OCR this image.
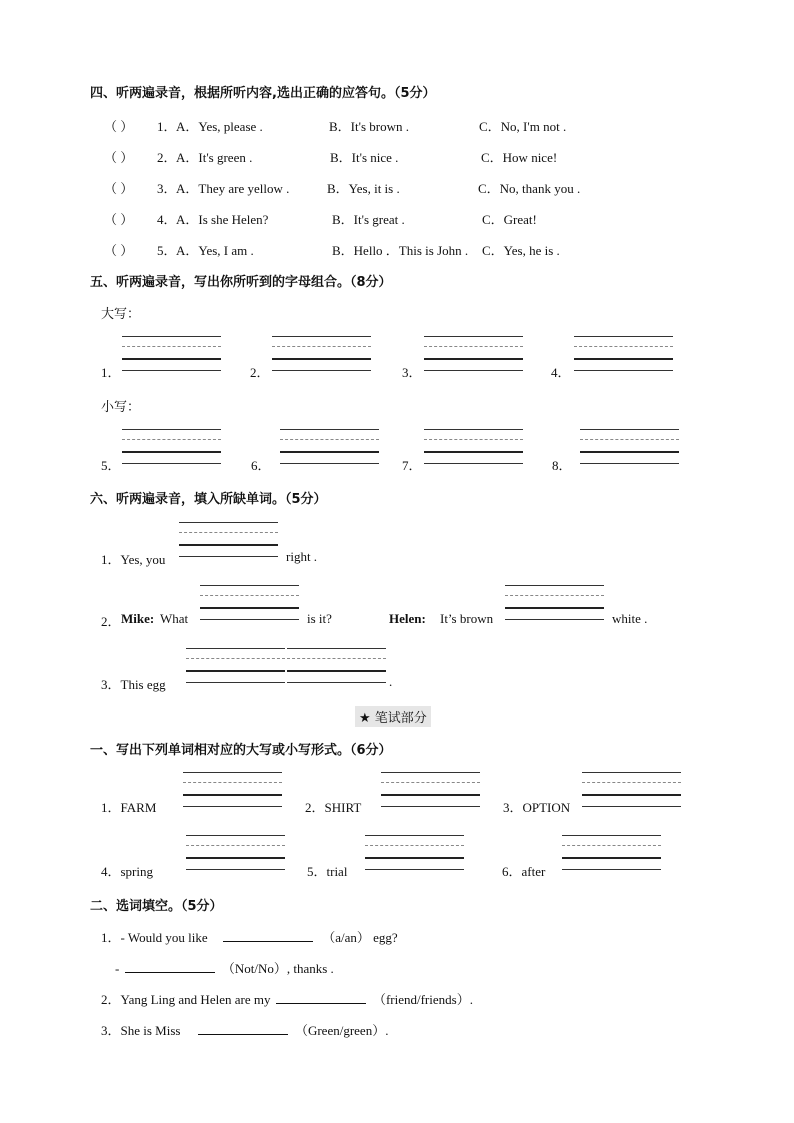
四、听两遍录音，根据所听内容,选出正确的应答句。（5分）
（ ） 1． A．Yes, please .	B．It's brown .	C．No, I'm not .
（ ） 2． A．It's green .	B．It's nice .	C．How nice!
（ ） 3． A．They are yellow .	B．Yes, it is .	C．No, thank you .
（ ） 4． A．Is she Helen?	B．It's great .	C．Great!
（ ） 5． A．Yes, I am .	B．Hello ．This is John . C．Yes, he is .
五、听两遍录音，写出你所听到的字母组合。（8分）
大写：
1．	2．	3．	4．
小写：
5．	6．	7．	8．
六、听两遍录音，填入所缺单词。（5分）
1．Yes, you	right .
2． Mike: What	is it?	Helen: It’s brown	white .
3．This egg	.
★ 笔试部分
一、写出下列单词相对应的大写或小写形式。（6分）
1．FARM	2．SHIRT	3．OPTION
4．spring	5．trial	6．after
二、选词填空。（5分）
1．- Would you like	（a/an） egg?
-	（Not/No）, thanks .
2．Yang Ling and Helen are my	（friend/friends）.
3．She is Miss	（Green/green）.
